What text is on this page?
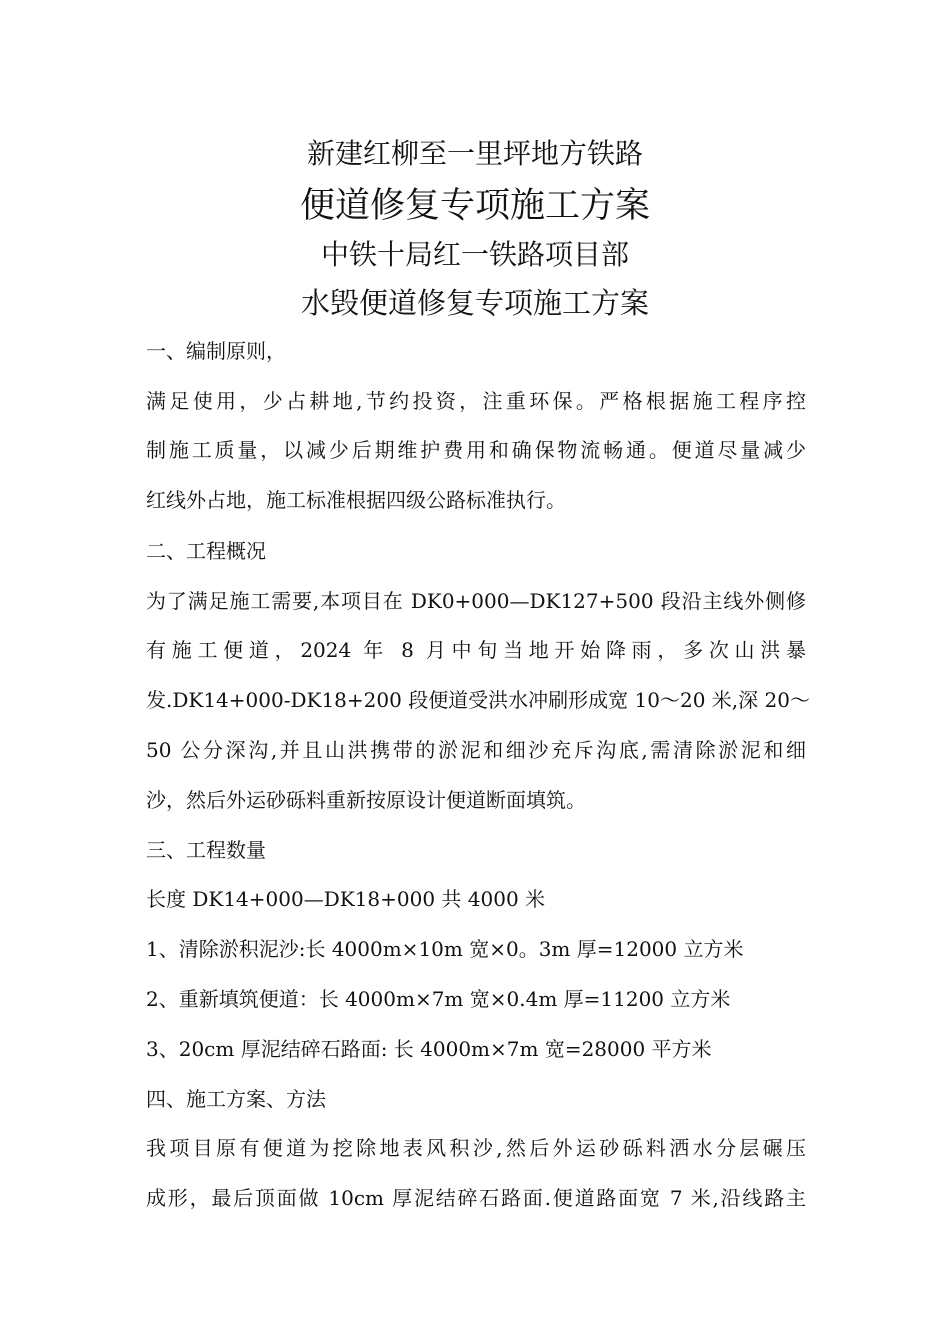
新建红柳至一里坪地方铁路
便道修复专项施工方案
中铁十局红一铁路项目部
水毁便道修复专项施工方案
一、编制原则，
满足使用，少占耕地,节约投资，注重环保。严格根据施工程序控
制施工质量，以减少后期维护费用和确保物流畅通。便道尽量减少
红线外占地，施工标准根据四级公路标准执行。
二、工程概况
为了满足施工需要,本项目在 DK0+000—DK127+500 段沿主线外侧修
有施工便道，2024 年 8 月中旬当地开始降雨，多次山洪暴
发.DK14+000-DK18+200 段便道受洪水冲刷形成宽 10～20 米,深 20～
50 公分深沟,并且山洪携带的淤泥和细沙充斥沟底,需清除淤泥和细
沙，然后外运砂砾料重新按原设计便道断面填筑。
三、工程数量
长度 DK14+000—DK18+000 共 4000 米
1、清除淤积泥沙:长 4000m×10m 宽×0。3m 厚=12000 立方米
2、重新填筑便道：长 4000m×7m 宽×0.4m 厚=11200 立方米
3、20cm 厚泥结碎石路面: 长 4000m×7m 宽=28000 平方米
四、施工方案、方法
我项目原有便道为挖除地表风积沙,然后外运砂砾料洒水分层碾压
成形，最后顶面做 10cm 厚泥结碎石路面.便道路面宽 7 米,沿线路主
